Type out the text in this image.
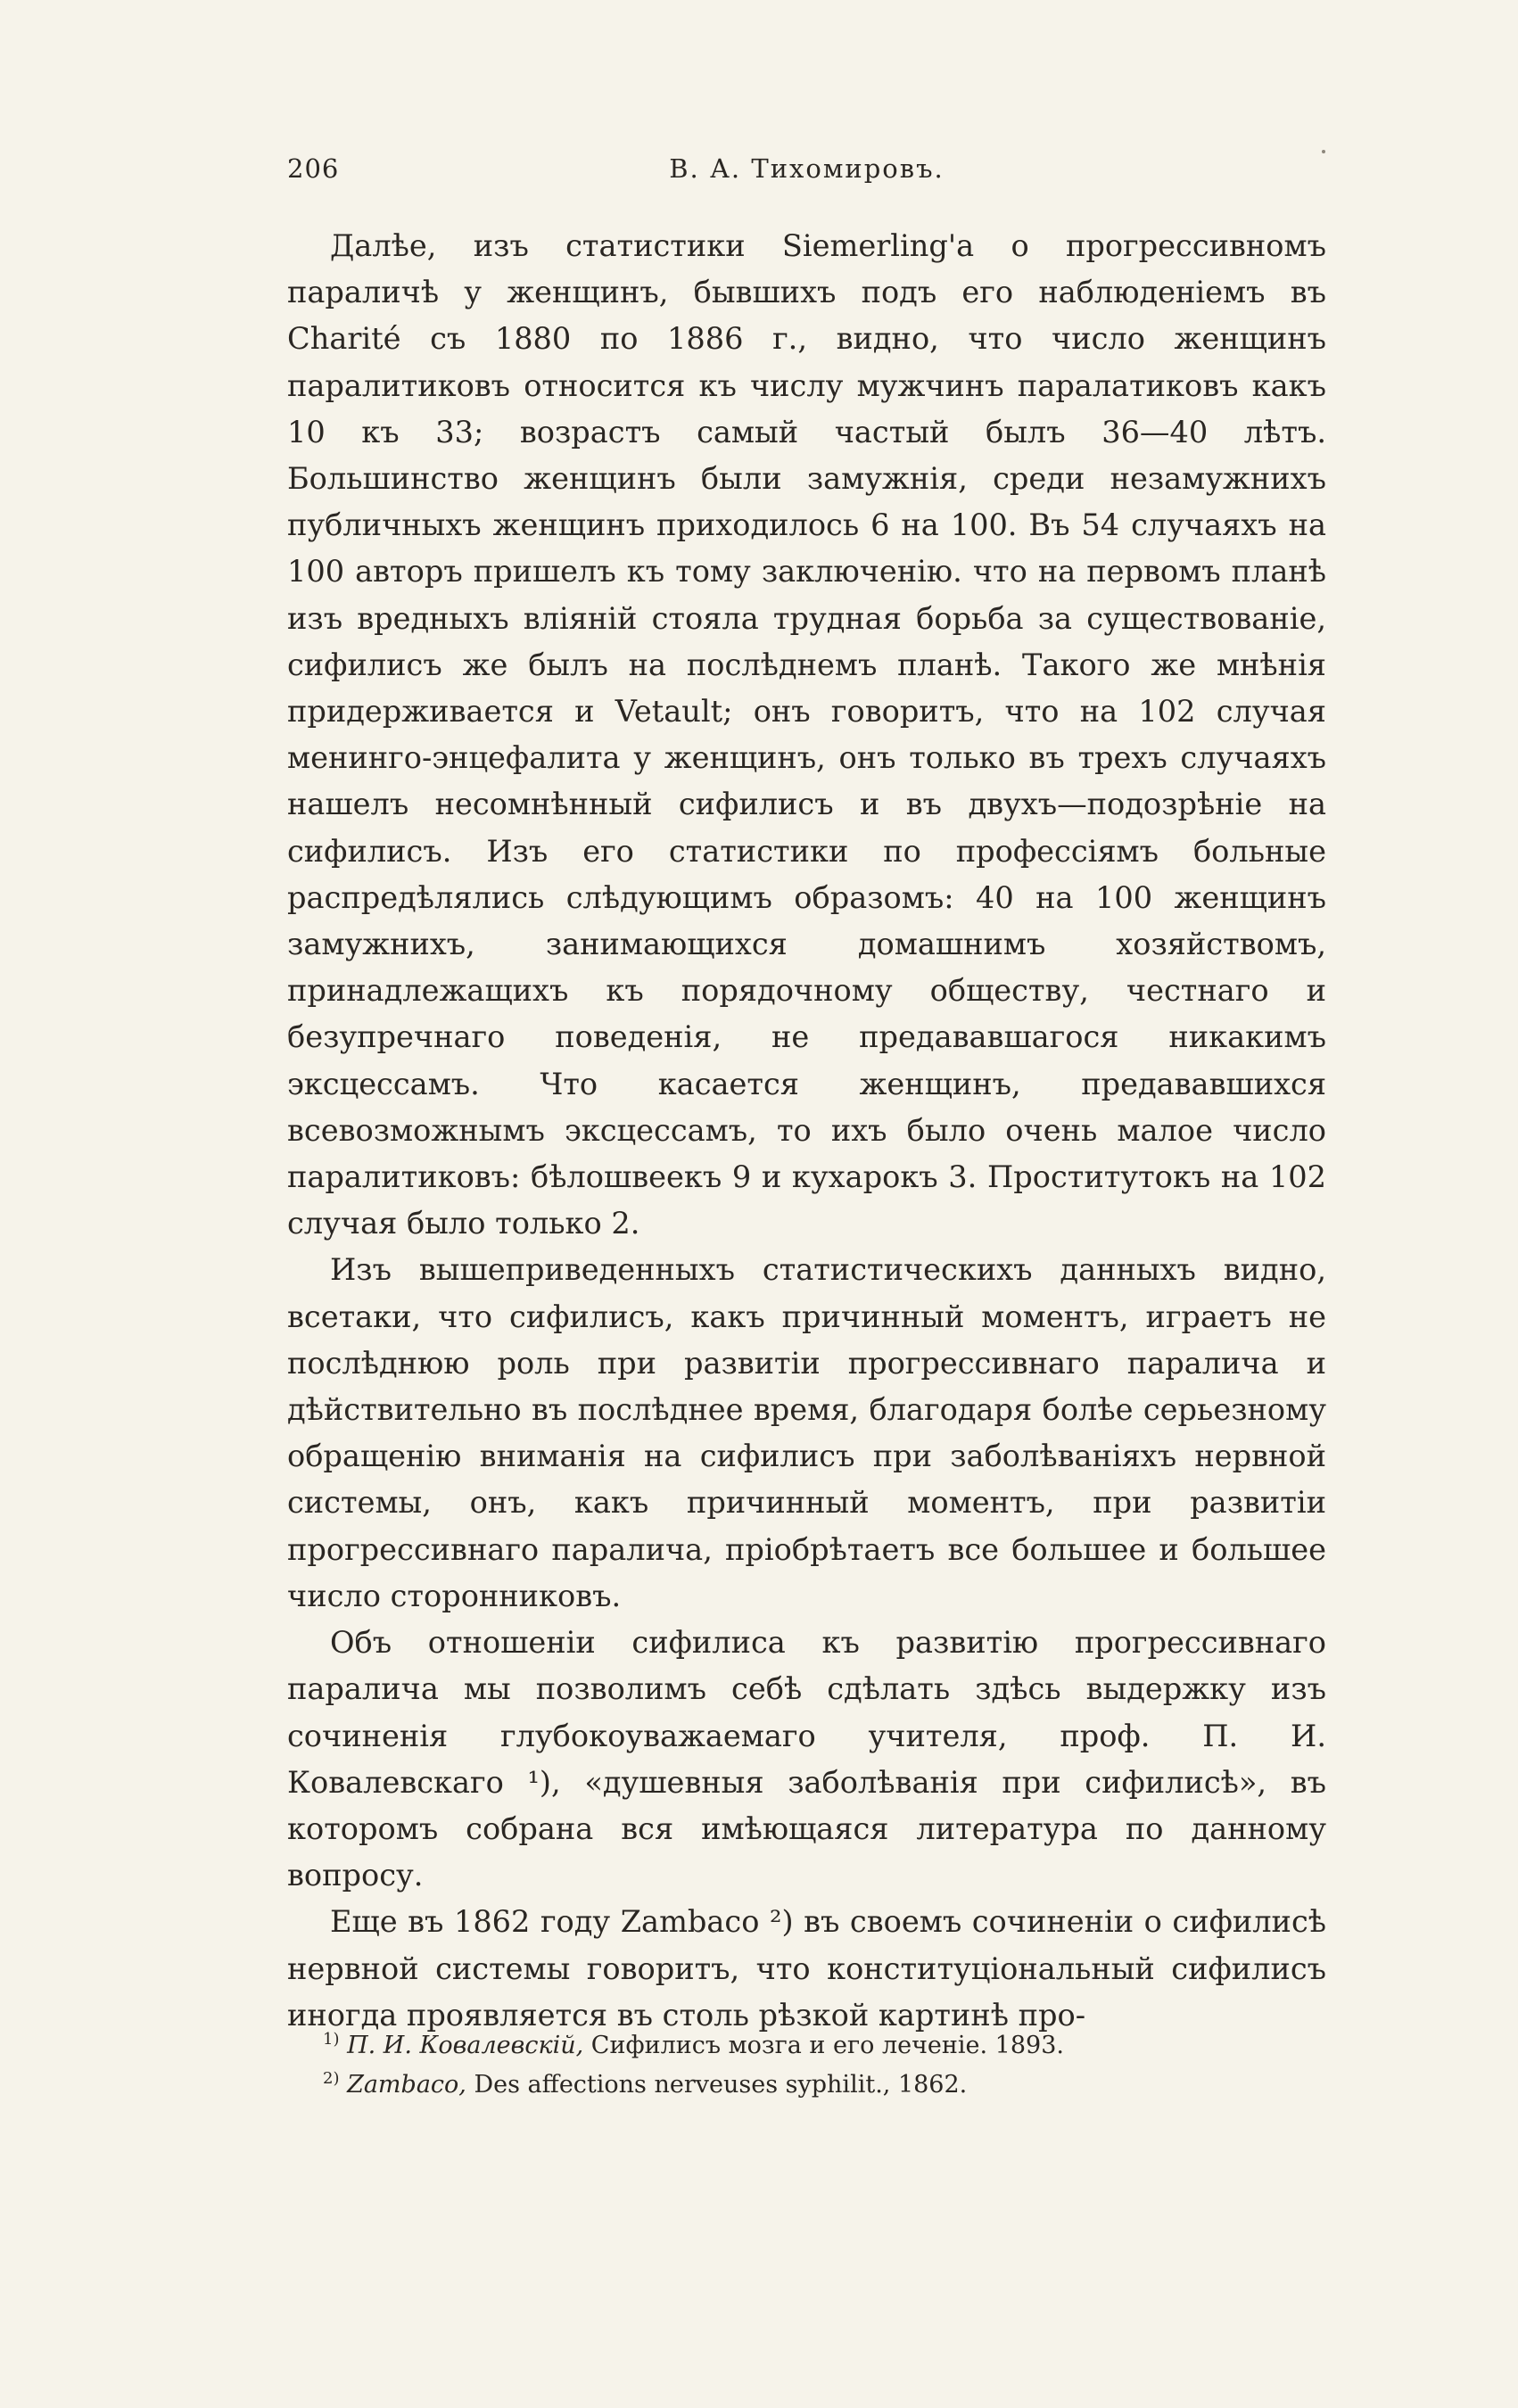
206	В. А. Тихомировъ.

Далѣе, изъ статистики Siemerling'а о прогрессивномъ параличѣ у женщинъ, бывшихъ подъ его наблюденіемъ въ Charité съ 1880 по 1886 г., видно, что число женщинъ паралитиковъ относится къ числу мужчинъ паралатиковъ какъ 10 къ 33; возрастъ самый частый былъ 36—40 лѣтъ. Большинство женщинъ были замужнія, среди незамужнихъ публичныхъ женщинъ приходилось 6 на 100. Въ 54 случаяхъ на 100 авторъ пришелъ къ тому заключенію. что на первомъ планѣ изъ вредныхъ вліяній стояла трудная борьба за существованіе, сифилисъ же былъ на послѣднемъ планѣ. Такого же мнѣнія придерживается и Vetault; онъ говоритъ, что на 102 случая менинго-энцефалита у женщинъ, онъ только въ трехъ случаяхъ нашелъ несомнѣнный сифилисъ и въ двухъ—подозрѣніе на сифилисъ. Изъ его статистики по профессіямъ больные распредѣлялись слѣдующимъ образомъ: 40 на 100 женщинъ замужнихъ, занимающихся домашнимъ хозяйствомъ, принадлежащихъ къ порядочному обществу, честнаго и безупречнаго поведенія, не предававшагося никакимъ эксцессамъ. Что касается женщинъ, предававшихся всевозможнымъ эксцессамъ, то ихъ было очень малое число паралитиковъ: бѣлошвеекъ 9 и кухарокъ 3. Проститутокъ на 102 случая было только 2.

Изъ вышеприведенныхъ статистическихъ данныхъ видно, всетаки, что сифилисъ, какъ причинный моментъ, играетъ не послѣднюю роль при развитіи прогрессивнаго паралича и дѣйствительно въ послѣднее время, благодаря болѣе серьезному обращенію вниманія на сифилисъ при заболѣваніяхъ нервной системы, онъ, какъ причинный моментъ, при развитіи прогрессивнаго паралича, пріобрѣтаетъ все большее и большее число сторонниковъ.

Объ отношеніи сифилиса къ развитію прогрессивнаго паралича мы позволимъ себѣ сдѣлать здѣсь выдержку изъ сочиненія глубокоуважаемаго учителя, проф. П. И. Ковалевскаго ¹), «душевныя заболѣванія при сифилисѣ», въ которомъ собрана вся имѣющаяся литература по данному вопросу.

Еще въ 1862 году Zambaco ²) въ своемъ сочиненіи о сифилисѣ нервной системы говоритъ, что конституціональный сифилисъ иногда проявляется въ столь рѣзкой картинѣ про-

$^{1)}$ П. И. Ковалевскій, Сифилисъ мозга и его леченіе. 1893.

$^{2)}$ Zambaco, Des affections nerveuses syphilit., 1862.
